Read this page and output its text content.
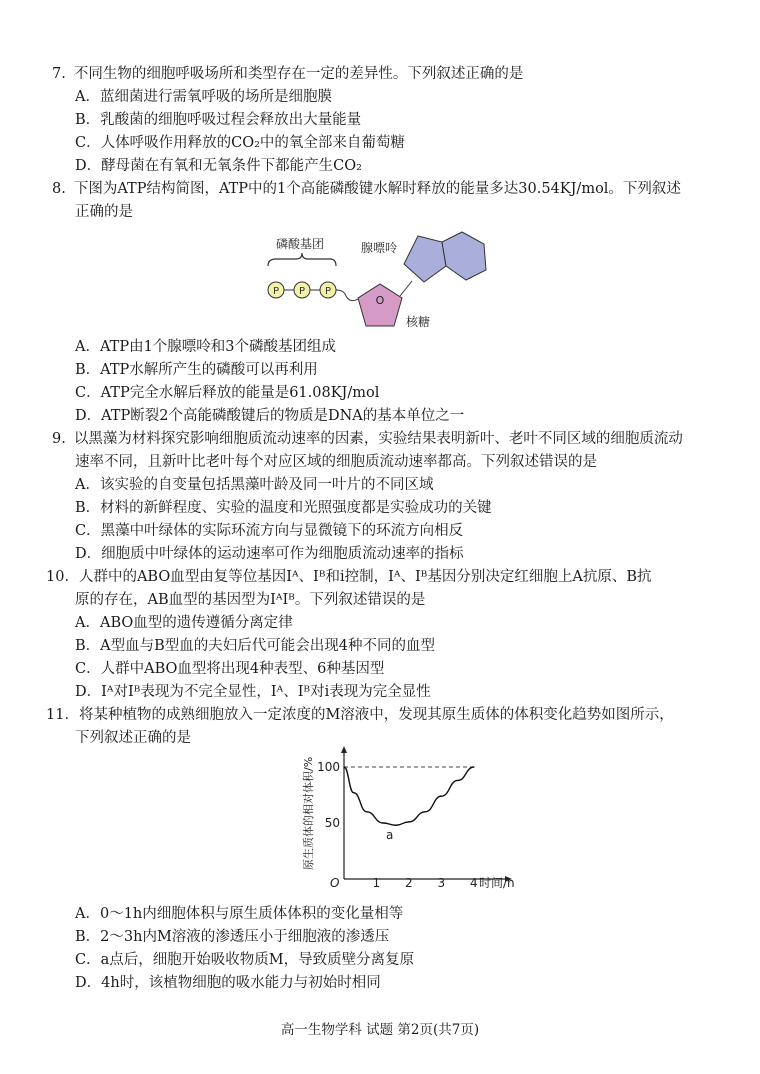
7. 不同生物的细胞呼吸场所和类型存在一定的差异性。下列叙述正确的是
A．蓝细菌进行需氧呼吸的场所是细胞膜
B．乳酸菌的细胞呼吸过程会释放出大量能量
C．人体呼吸作用释放的CO₂中的氧全部来自葡萄糖
D．酵母菌在有氧和无氧条件下都能产生CO₂
8. 下图为ATP结构简图，ATP中的1个高能磷酸键水解时释放的能量多达30.54KJ/mol。下列叙述
正确的是
磷酸基团
P P P
O
核糖
腺嘌呤
A．ATP由1个腺嘌呤和3个磷酸基团组成
B．ATP水解所产生的磷酸可以再利用
C．ATP完全水解后释放的能量是61.08KJ/mol
D．ATP断裂2个高能磷酸键后的物质是DNA的基本单位之一
9. 以黑藻为材料探究影响细胞质流动速率的因素，实验结果表明新叶、老叶不同区域的细胞质流动
速率不同，且新叶比老叶每个对应区域的细胞质流动速率都高。下列叙述错误的是
A．该实验的自变量包括黑藻叶龄及同一叶片的不同区域
B．材料的新鲜程度、实验的温度和光照强度都是实验成功的关键
C．黑藻中叶绿体的实际环流方向与显微镜下的环流方向相反
D．细胞质中叶绿体的运动速率可作为细胞质流动速率的指标
10．人群中的ABO血型由复等位基因Iᴬ、Iᴮ和i控制，Iᴬ、Iᴮ基因分别决定红细胞上A抗原、B抗
原的存在，AB血型的基因型为IᴬIᴮ。下列叙述错误的是
A．ABO血型的遗传遵循分离定律
B．A型血与B型血的夫妇后代可能会出现4种不同的血型
C．人群中ABO血型将出现4种表型、6种基因型
D．Iᴬ对Iᴮ表现为不完全显性，Iᴬ、Iᴮ对i表现为完全显性
11．将某种植物的成熟细胞放入一定浓度的M溶液中，发现其原生质体的体积变化趋势如图所示，
下列叙述正确的是
原生质体的相对体积/%
O	时间/h
1 2 3 4
50
100
a
A．0～1h内细胞体积与原生质体体积的变化量相等
B．2～3h内M溶液的渗透压小于细胞液的渗透压
C．a点后，细胞开始吸收物质M，导致质壁分离复原
D．4h时，该植物细胞的吸水能力与初始时相同
高一生物学科 试题 第2页(共7页)
